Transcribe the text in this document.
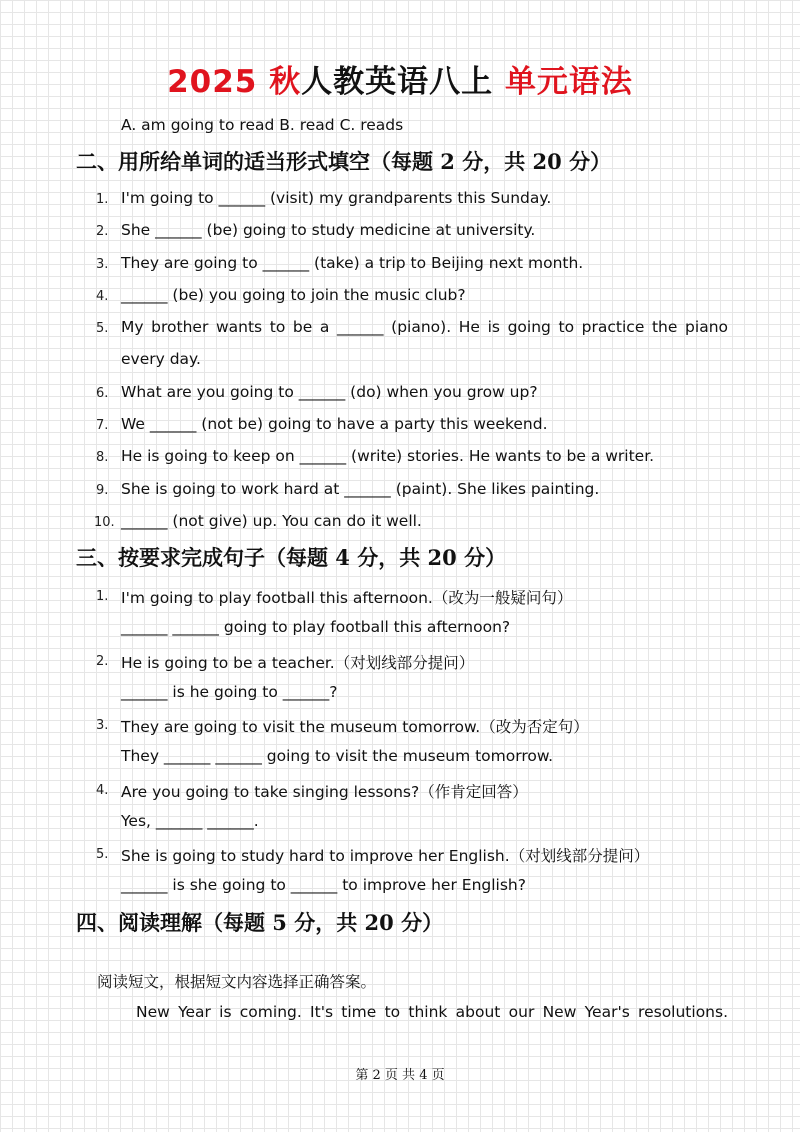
2025 秋人教英语八上 单元语法
A. am going to read B. read C. reads
二、用所给单词的适当形式填空（每题 2 分，共 20 分）
1. I'm going to ______ (visit) my grandparents this Sunday.
2. She ______ (be) going to study medicine at university.
3. They are going to ______ (take) a trip to Beijing next month.
4. ______ (be) you going to join the music club?
5. My brother wants to be a ______ (piano). He is going to practice the piano
every day.
6. What are you going to ______ (do) when you grow up?
7. We ______ (not be) going to have a party this weekend.
8. He is going to keep on ______ (write) stories. He wants to be a writer.
9. She is going to work hard at ______ (paint). She likes painting.
10. ______ (not give) up. You can do it well.
三、按要求完成句子（每题 4 分，共 20 分）
1. I'm going to play football this afternoon.（改为一般疑问句）
______ ______ going to play football this afternoon?
2. He is going to be a teacher.（对划线部分提问）
______ is he going to ______?
3. They are going to visit the museum tomorrow.（改为否定句）
They ______ ______ going to visit the museum tomorrow.
4. Are you going to take singing lessons?（作肯定回答）
Yes, ______ ______.
5. She is going to study hard to improve her English.（对划线部分提问）
______ is she going to ______ to improve her English?
四、阅读理解（每题 5 分，共 20 分）
阅读短文，根据短文内容选择正确答案。
New Year is coming. It's time to think about our New Year's resolutions.
第 2 页 共 4 页
